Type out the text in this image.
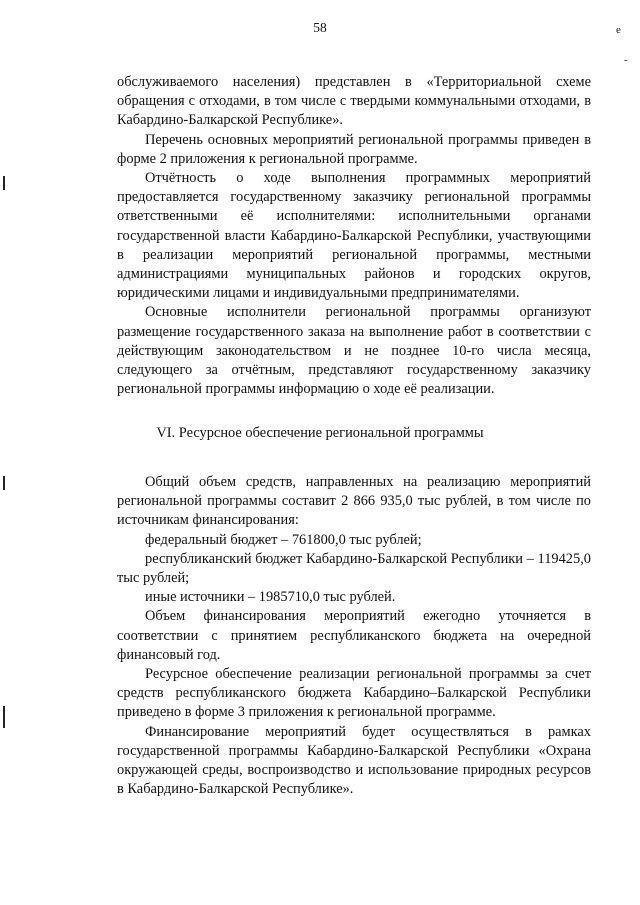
58	е
-

обслуживаемого населения) представлен в «Территориальной схеме обращения с отходами, в том числе с твердыми коммунальными отходами, в Кабардино-Балкарской Республике».

Перечень основных мероприятий региональной программы приведен в форме 2 приложения к региональной программе.

Отчётность о ходе выполнения программных мероприятий предоставляется государственному заказчику региональной программы ответственными её исполнителями: исполнительными органами государственной власти Кабардино-Балкарской Республики, участвующими в реализации мероприятий региональной программы, местными администрациями муниципальных районов и городских округов, юридическими лицами и индивидуальными предпринимателями.

Основные исполнители региональной программы организуют размещение государственного заказа на выполнение работ в соответствии с действующим законодательством и не позднее 10-го числа месяца, следующего за отчётным, представляют государственному заказчику региональной программы информацию о ходе её реализации.

VI. Ресурсное обеспечение региональной программы

Общий объем средств, направленных на реализацию мероприятий региональной программы составит 2 866 935,0 тыс рублей, в том числе по источникам финансирования:

федеральный бюджет – 761800,0 тыс рублей;

республиканский бюджет Кабардино-Балкарской Республики – 119425,0 тыс рублей;

иные источники – 1985710,0 тыс рублей.

Объем финансирования мероприятий ежегодно уточняется в соответствии с принятием республиканского бюджета на очередной финансовый год.

Ресурсное обеспечение реализации региональной программы за счет средств республиканского бюджета Кабардино–Балкарской Республики приведено в форме 3 приложения к региональной программе.

Финансирование мероприятий будет осуществляться в рамках государственной программы Кабардино-Балкарской Республики «Охрана окружающей среды, воспроизводство и использование природных ресурсов в Кабардино-Балкарской Республике».
